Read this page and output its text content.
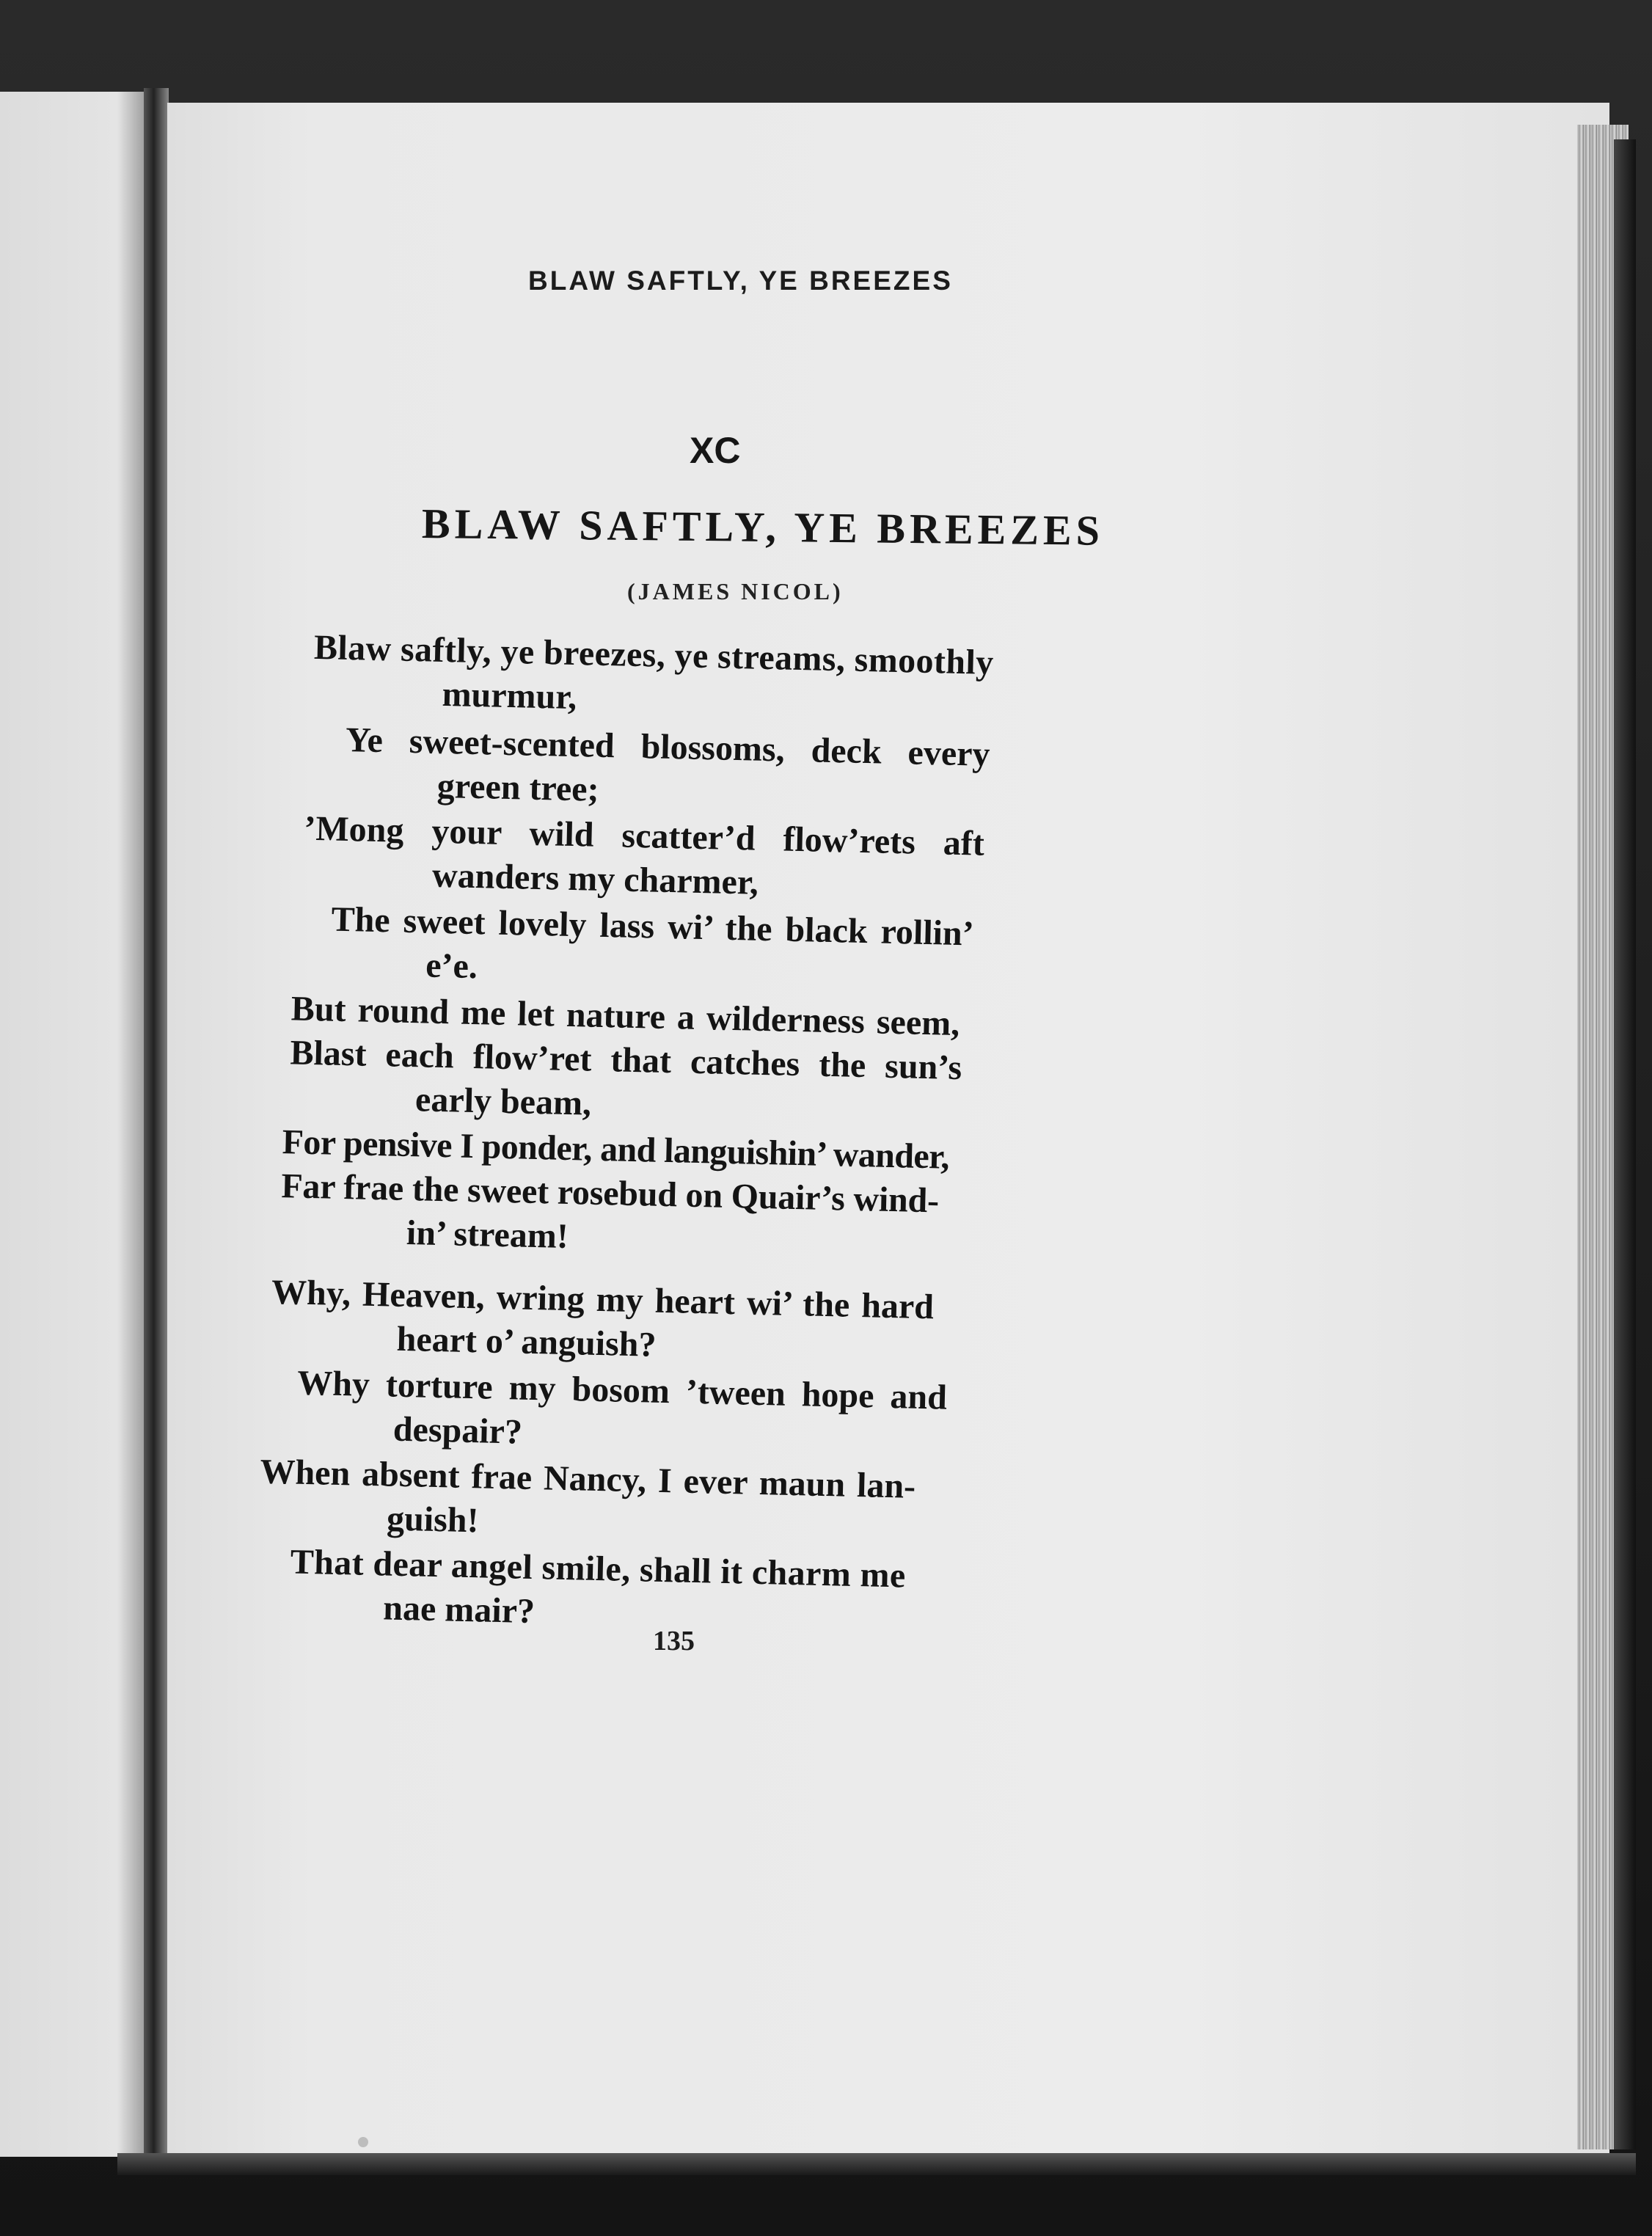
BLAW SAFTLY, YE BREEZES
XC
BLAW SAFTLY, YE BREEZES
(JAMES NICOL)
Blaw saftly, ye breezes, ye streams, smoothly
murmur,
Ye sweet-scented blossoms, deck every
green tree;
’Mong your wild scatter’d flow’rets aft
wanders my charmer,
The sweet lovely lass wi’ the black rollin’
e’e.
But round me let nature a wilderness seem,
Blast each flow’ret that catches the sun’s
early beam,
For pensive I ponder, and languishin’ wander,
Far frae the sweet rosebud on Quair’s wind-
in’ stream!
Why, Heaven, wring my heart wi’ the hard
heart o’ anguish?
Why torture my bosom ’tween hope and
despair?
When absent frae Nancy, I ever maun lan-
guish!
That dear angel smile, shall it charm me
nae mair?
135
